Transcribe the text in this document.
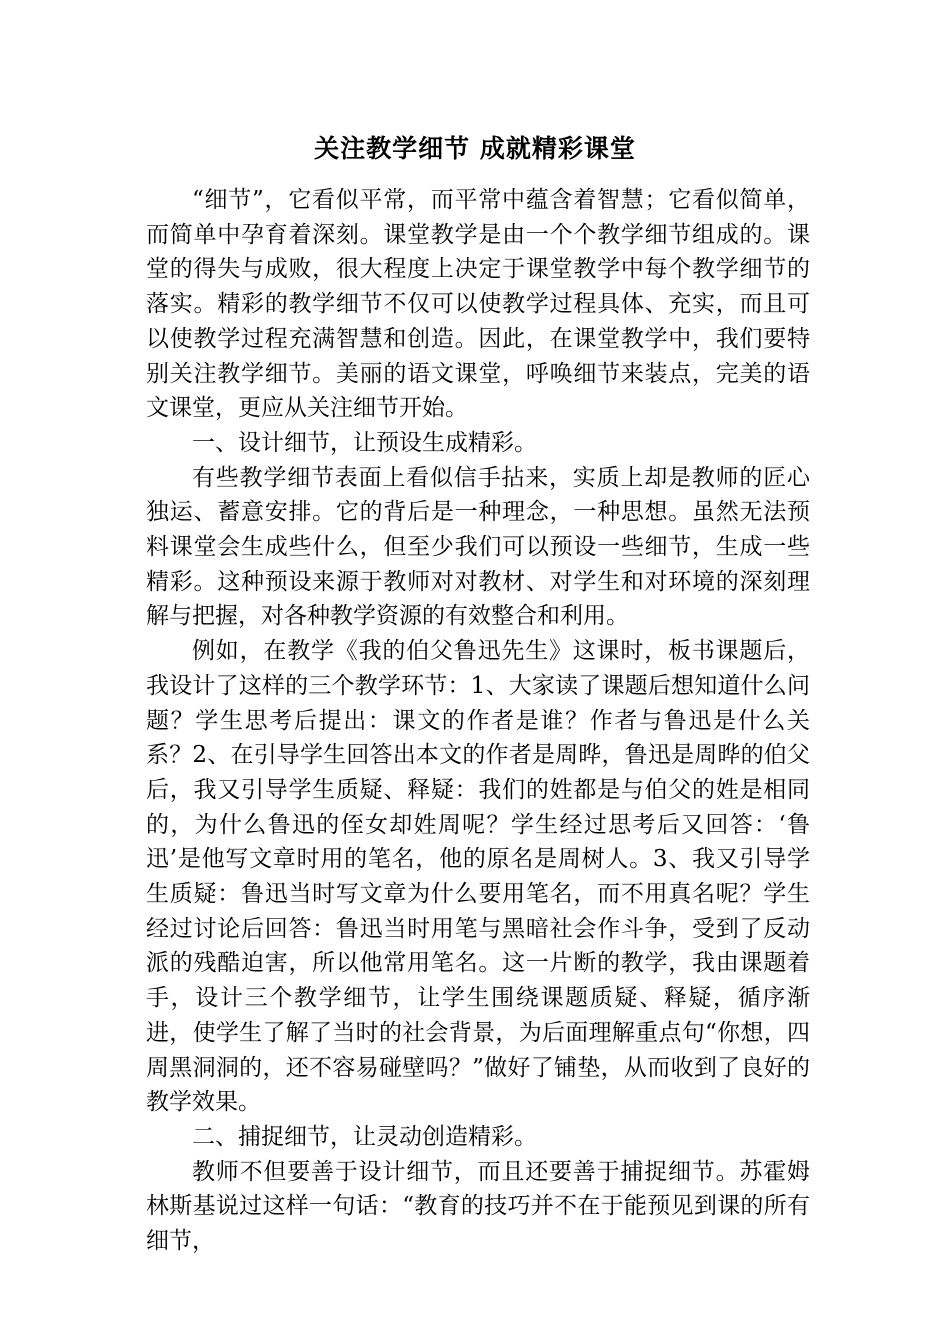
关注教学细节 成就精彩课堂

“细节”，它看似平常，而平常中蕴含着智慧；它看似简单，而简单中孕育着深刻。课堂教学是由一个个教学细节组成的。课堂的得失与成败，很大程度上决定于课堂教学中每个教学细节的落实。精彩的教学细节不仅可以使教学过程具体、充实，而且可以使教学过程充满智慧和创造。因此，在课堂教学中，我们要特别关注教学细节。美丽的语文课堂，呼唤细节来装点，完美的语文课堂，更应从关注细节开始。

一、设计细节，让预设生成精彩。

有些教学细节表面上看似信手拈来，实质上却是教师的匠心独运、蓄意安排。它的背后是一种理念，一种思想。虽然无法预料课堂会生成些什么，但至少我们可以预设一些细节，生成一些精彩。这种预设来源于教师对对教材、对学生和对环境的深刻理解与把握，对各种教学资源的有效整合和利用。

例如，在教学《我的伯父鲁迅先生》这课时，板书课题后，我设计了这样的三个教学环节：1、大家读了课题后想知道什么问题？学生思考后提出：课文的作者是谁？作者与鲁迅是什么关系？2、在引导学生回答出本文的作者是周晔，鲁迅是周晔的伯父后，我又引导学生质疑、释疑：我们的姓都是与伯父的姓是相同的，为什么鲁迅的侄女却姓周呢？学生经过思考后又回答：‘鲁迅’是他写文章时用的笔名，他的原名是周树人。3、我又引导学生质疑：鲁迅当时写文章为什么要用笔名，而不用真名呢？学生经过讨论后回答：鲁迅当时用笔与黑暗社会作斗争，受到了反动派的残酷迫害，所以他常用笔名。这一片断的教学，我由课题着手，设计三个教学细节，让学生围绕课题质疑、释疑，循序渐进，使学生了解了当时的社会背景，为后面理解重点句“你想，四周黑洞洞的，还不容易碰壁吗？”做好了铺垫，从而收到了良好的教学效果。

二、捕捉细节，让灵动创造精彩。

教师不但要善于设计细节，而且还要善于捕捉细节。苏霍姆林斯基说过这样一句话：“教育的技巧并不在于能预见到课的所有细节，
